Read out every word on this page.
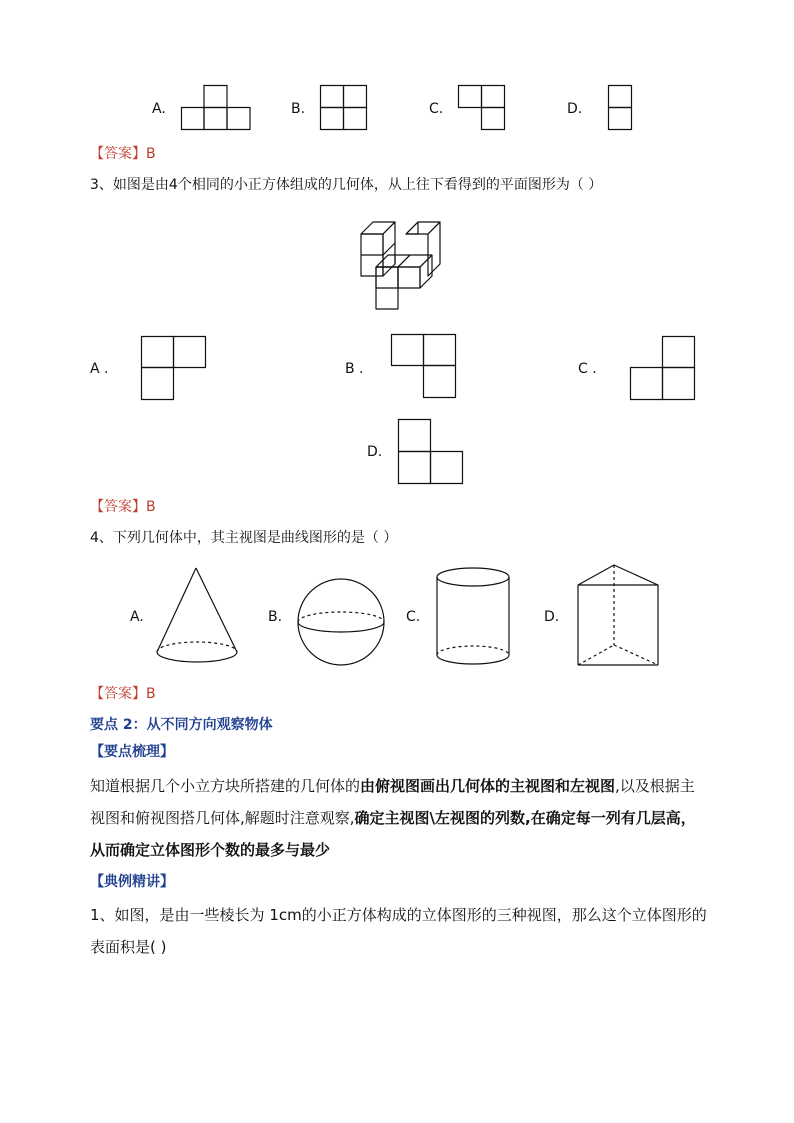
A.	B.	C.	D.
【答案】B
3、如图是由4个相同的小正方体组成的几何体，从上往下看得到的平面图形为（ ）
A .	B .	C .
D.
【答案】B
4、下列几何体中，其主视图是曲线图形的是（ ）
A.	B.	C.	D.
【答案】B
要点 2：从不同方向观察物体
【要点梳理】
知道根据几个小立方块所搭建的几何体的由俯视图画出几何体的主视图和左视图,以及根据主视图和俯视图搭几何体,解题时注意观察,确定主视图\左视图的列数,在确定每一列有几层高，从而确定立体图形个数的最多与最少
【典例精讲】
1、如图，是由一些棱长为 1cm的小正方体构成的立体图形的三种视图，那么这个立体图形的表面积是( )
